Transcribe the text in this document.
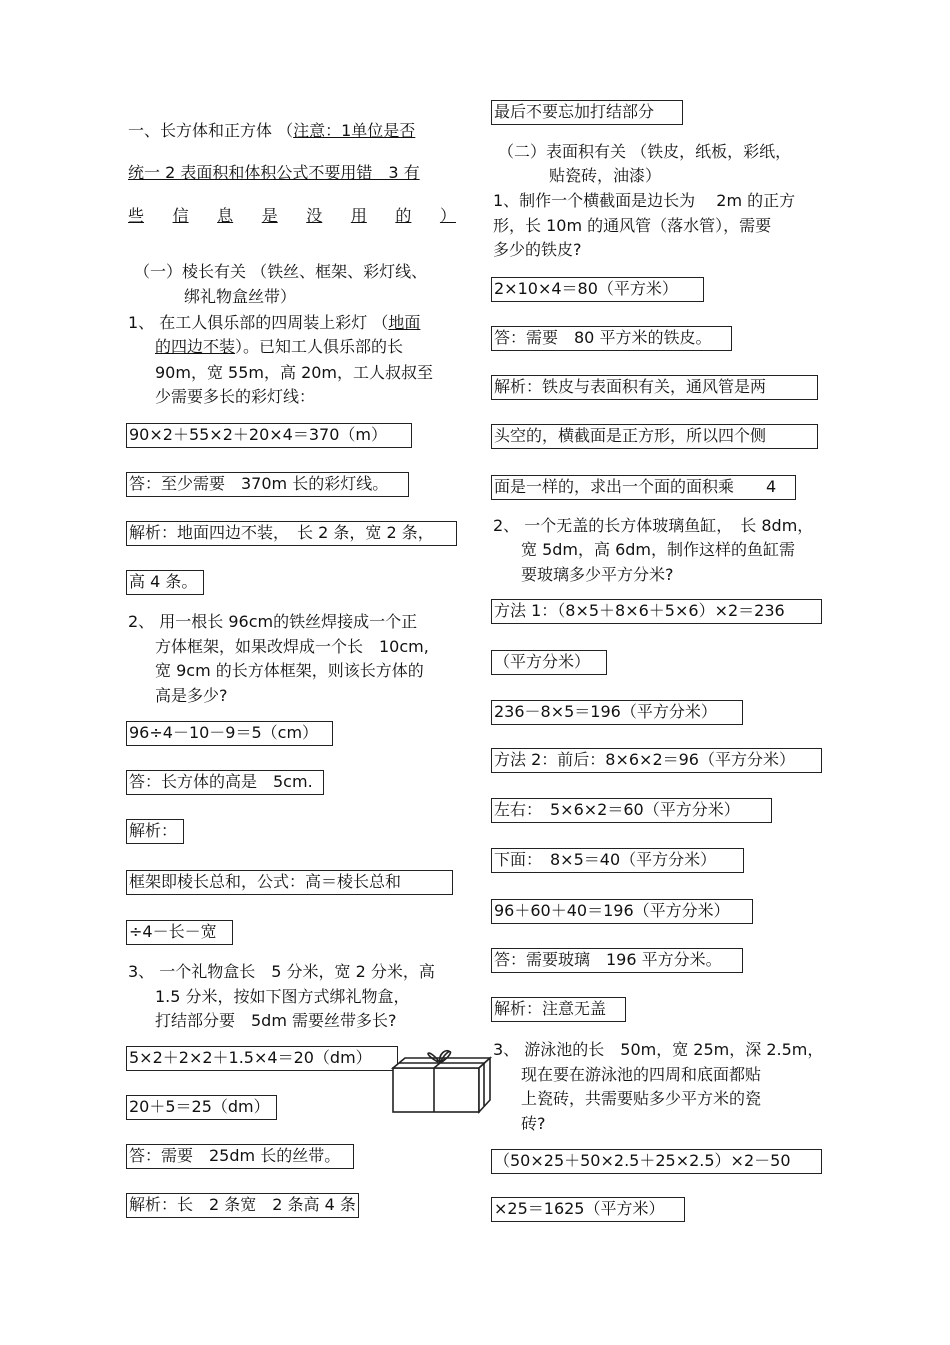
一、长方体和正方体 （注意：1单位是否
统一 2 表面积和体积公式不要用错　3 有
些 信 息 是 没 用 的 ）
（一）棱长有关 （铁丝、框架、彩灯线、
绑礼物盒丝带）
1、 在工人俱乐部的四周装上彩灯 （地面
的四边不装）。已知工人俱乐部的长
90m，宽 55m，高 20m，工人叔叔至
少需要多长的彩灯线：
90×2＋55×2＋20×4＝370（m）
答：至少需要　370m 长的彩灯线。
解析：地面四边不装，　长 2 条，宽 2 条，
高 4 条。
2、 用一根长 96cm的铁丝焊接成一个正
方体框架，如果改焊成一个长　10cm,
宽 9cm 的长方体框架，则该长方体的
高是多少?
96÷4－10－9＝5（cm）
答：长方体的高是　5cm.
解析：
框架即棱长总和，公式：高＝棱长总和
÷4－长－宽
3、 一个礼物盒长　5 分米，宽 2 分米，高
1.5 分米，按如下图方式绑礼物盒，
打结部分要　5dm 需要丝带多长?
5×2＋2×2＋1.5×4＝20（dm）
20＋5＝25（dm）
答：需要　25dm 长的丝带。
解析：长　2 条宽　2 条高 4 条
最后不要忘加打结部分
（二）表面积有关 （铁皮，纸板，彩纸，
贴瓷砖，油漆）
1、制作一个横截面是边长为　 2m 的正方
形，长 10m 的通风管（落水管），需要
多少的铁皮?
2×10×4＝80（平方米）
答：需要　80 平方米的铁皮。
解析：铁皮与表面积有关，通风管是两
头空的，横截面是正方形，所以四个侧
面是一样的，求出一个面的面积乘　　4
2、 一个无盖的长方体玻璃鱼缸，　长 8dm，
宽 5dm，高 6dm，制作这样的鱼缸需
要玻璃多少平方分米?
方法 1：（8×5＋8×6＋5×6）×2＝236
（平方分米）
236－8×5＝196（平方分米）
方法 2：前后：8×6×2＝96（平方分米）
左右：　5×6×2＝60（平方分米）
下面：　8×5＝40（平方分米）
96＋60＋40＝196（平方分米）
答：需要玻璃　196 平方分米。
解析：注意无盖
3、 游泳池的长　50m，宽 25m，深 2.5m，
现在要在游泳池的四周和底面都贴
上瓷砖，共需要贴多少平方米的瓷
砖?
（50×25＋50×2.5＋25×2.5）×2－50
×25＝1625（平方米）
